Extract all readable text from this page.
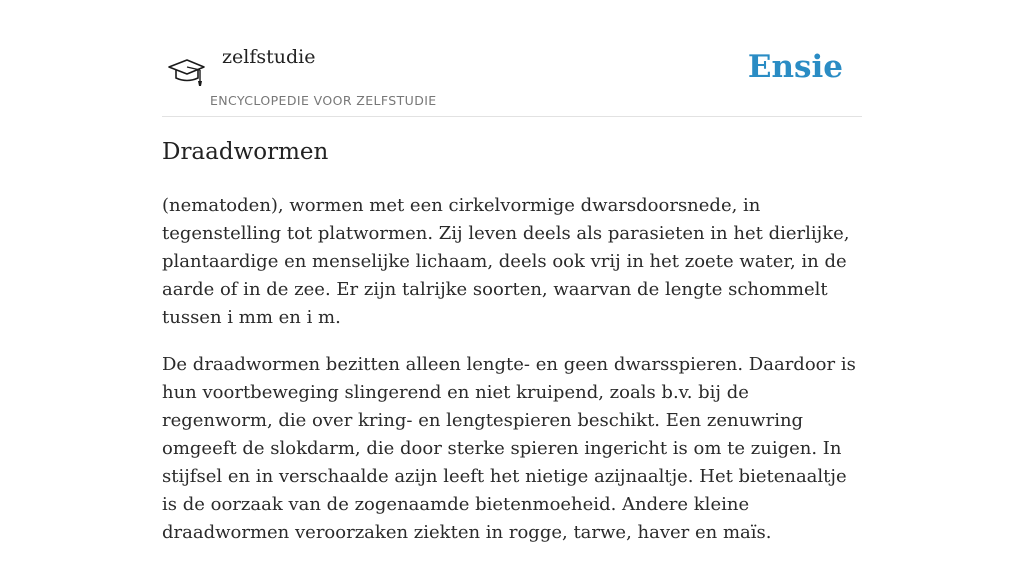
zelfstudie
ENCYCLOPEDIE VOOR ZELFSTUDIE
Ensie
Draadwormen

(nematoden), wormen met een cirkelvormige dwarsdoorsnede, in tegenstelling tot platwormen. Zij leven deels als parasieten in het dierlijke, plantaardige en menselijke lichaam, deels ook vrij in het zoete water, in de aarde of in de zee. Er zijn talrijke soorten, waarvan de lengte schommelt tussen i mm en i m.

De draadwormen bezitten alleen lengte- en geen dwarsspieren. Daardoor is hun voortbeweging slingerend en niet kruipend, zoals b.v. bij de regenworm, die over kring- en lengtespieren beschikt. Een zenuwring omgeeft de slokdarm, die door sterke spieren ingericht is om te zuigen. In stijfsel en in verschaalde azijn leeft het nietige azijnaaltje. Het bietenaaltje is de oorzaak van de zogenaamde bietenmoeheid. Andere kleine draadwormen veroorzaken ziekten in rogge, tarwe, haver en maïs.
